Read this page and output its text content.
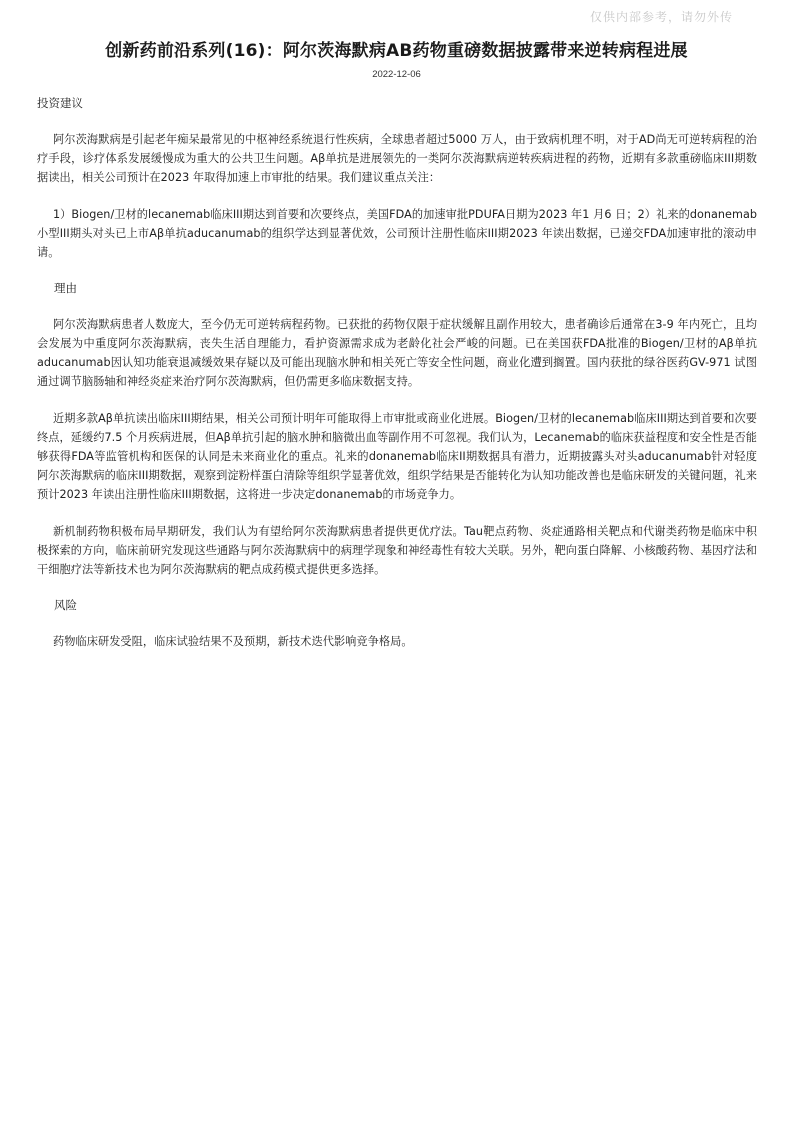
仅供内部参考，请勿外传
创新药前沿系列(16)：阿尔茨海默病AB药物重磅数据披露带来逆转病程进展
2022-12-06

投资建议

阿尔茨海默病是引起老年痴呆最常见的中枢神经系统退行性疾病，全球患者超过5000 万人，由于致病机理不明，对于AD尚无可逆转病程的治疗手段，诊疗体系发展缓慢成为重大的公共卫生问题。Aβ单抗是进展领先的一类阿尔茨海默病逆转疾病进程的药物，近期有多款重磅临床III期数据读出，相关公司预计在2023 年取得加速上市审批的结果。我们建议重点关注：

1）Biogen/卫材的lecanemab临床III期达到首要和次要终点，美国FDA的加速审批PDUFA日期为2023 年1 月6 日；2）礼来的donanemab 小型III期头对头已上市Aβ单抗aducanumab的组织学达到显著优效，公司预计注册性临床III期2023 年读出数据，已递交FDA加速审批的滚动申请。

理由

阿尔茨海默病患者人数庞大，至今仍无可逆转病程药物。已获批的药物仅限于症状缓解且副作用较大，患者确诊后通常在3-9 年内死亡，且均会发展为中重度阿尔茨海默病，丧失生活自理能力，看护资源需求成为老龄化社会严峻的问题。已在美国获FDA批准的Biogen/卫材的Aβ单抗aducanumab因认知功能衰退减缓效果存疑以及可能出现脑水肿和相关死亡等安全性问题，商业化遭到搁置。国内获批的绿谷医药GV-971 试图通过调节脑肠轴和神经炎症来治疗阿尔茨海默病，但仍需更多临床数据支持。

近期多款Aβ单抗读出临床III期结果，相关公司预计明年可能取得上市审批或商业化进展。Biogen/卫材的lecanemab临床III期达到首要和次要终点，延缓约7.5 个月疾病进展，但Aβ单抗引起的脑水肿和脑微出血等副作用不可忽视。我们认为，Lecanemab的临床获益程度和安全性是否能够获得FDA等监管机构和医保的认同是未来商业化的重点。礼来的donanemab临床II期数据具有潜力，近期披露头对头aducanumab针对轻度阿尔茨海默病的临床III期数据，观察到淀粉样蛋白清除等组织学显著优效，组织学结果是否能转化为认知功能改善也是临床研发的关键问题，礼来预计2023 年读出注册性临床III期数据，这将进一步决定donanemab的市场竞争力。

新机制药物积极布局早期研发，我们认为有望给阿尔茨海默病患者提供更优疗法。Tau靶点药物、炎症通路相关靶点和代谢类药物是临床中积极探索的方向，临床前研究发现这些通路与阿尔茨海默病中的病理学现象和神经毒性有较大关联。另外，靶向蛋白降解、小核酸药物、基因疗法和干细胞疗法等新技术也为阿尔茨海默病的靶点成药模式提供更多选择。

风险

药物临床研发受阻，临床试验结果不及预期，新技术迭代影响竞争格局。
